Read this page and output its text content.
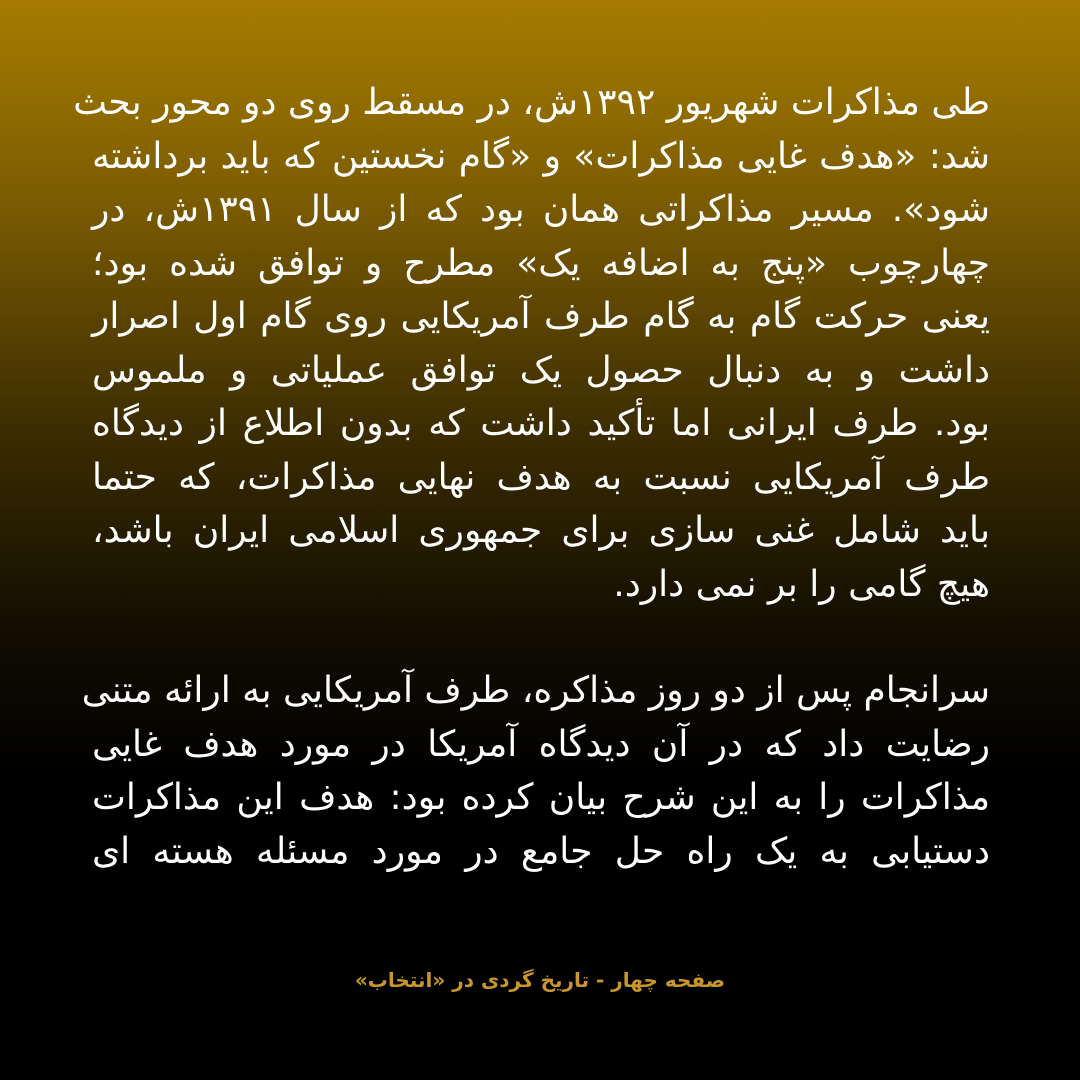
طی مذاکرات شهریور ۱۳۹۲ش، در مسقط روی دو محور بحث
شد: «هدف غایی مذاکرات» و «گام نخستین که باید برداشته
شود». مسیر مذاکراتی همان بود که از سال ۱۳۹۱ش، در
چهارچوب «پنج به اضافه یک» مطرح و توافق شده بود؛
یعنی حرکت گام به گام طرف آمریکایی روی گام اول اصرار
داشت و به دنبال حصول یک توافق عملیاتی و ملموس
بود. طرف ایرانی اما تأکید داشت که بدون اطلاع از دیدگاه
طرف آمریکایی نسبت به هدف نهایی مذاکرات، که حتما
باید شامل غنی سازی برای جمهوری اسلامی ایران باشد،
هیچ گامی را بر نمی دارد.
سرانجام پس از دو روز مذاکره، طرف آمریکایی به ارائه متنی
رضایت داد که در آن دیدگاه آمریکا در مورد هدف غایی
مذاکرات را به این شرح بیان کرده بود: هدف این مذاکرات
دستیابی به یک راه حل جامع در مورد مسئله هسته ای
صفحه چهار - تاریخ گردی در «انتخاب»
